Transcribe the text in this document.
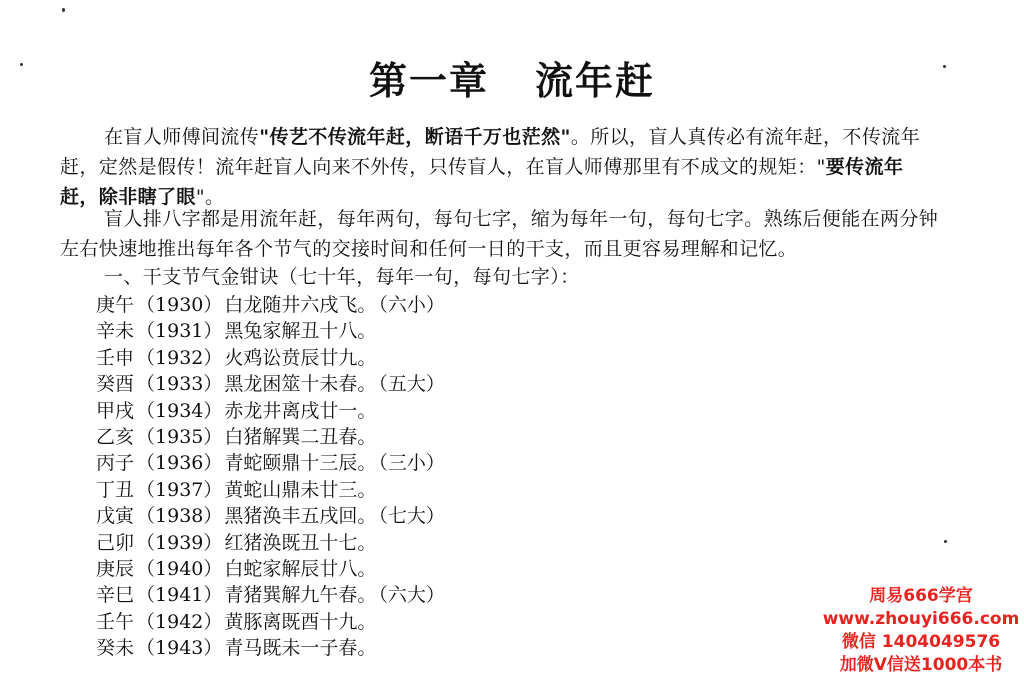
第一章 流年赶
在盲人师傅间流传"传艺不传流年赶，断语千万也茫然"。所以，盲人真传必有流年赶，不传流年赶，定然是假传！流年赶盲人向来不外传，只传盲人，在盲人师傅那里有不成文的规矩："要传流年赶，除非瞎了眼"。
盲人排八字都是用流年赶，每年两句，每句七字，缩为每年一句，每句七字。熟练后便能在两分钟左右快速地推出每年各个节气的交接时间和任何一日的干支，而且更容易理解和记忆。
一、干支节气金钳诀（七十年，每年一句，每句七字）：
庚午 （1930） 白龙随井六戌飞。 （六小）
辛未 （1931） 黑兔家解丑十八。
壬申 （1932） 火鸡讼贲辰廿九。
癸酉 （1933） 黑龙困筮十未春。 （五大）
甲戌 （1934） 赤龙井离戌廿一。
乙亥 （1935） 白猪解巽二丑春。
丙子 （1936） 青蛇颐鼎十三辰。 （三小）
丁丑 （1937） 黄蛇山鼎未廿三。
戊寅 （1938） 黑猪涣丰五戌回。 （七大）
己卯 （1939） 红猪涣既丑十七。
庚辰 （1940） 白蛇家解辰廿八。
辛巳 （1941） 青猪巽解九午春。 （六大）
壬午 （1942） 黄豚离既酉十九。
癸未 （1943） 青马既未一子春。
周易666学宫
www.zhouyi666.com
微信 1404049576
加微V信送1000本书
